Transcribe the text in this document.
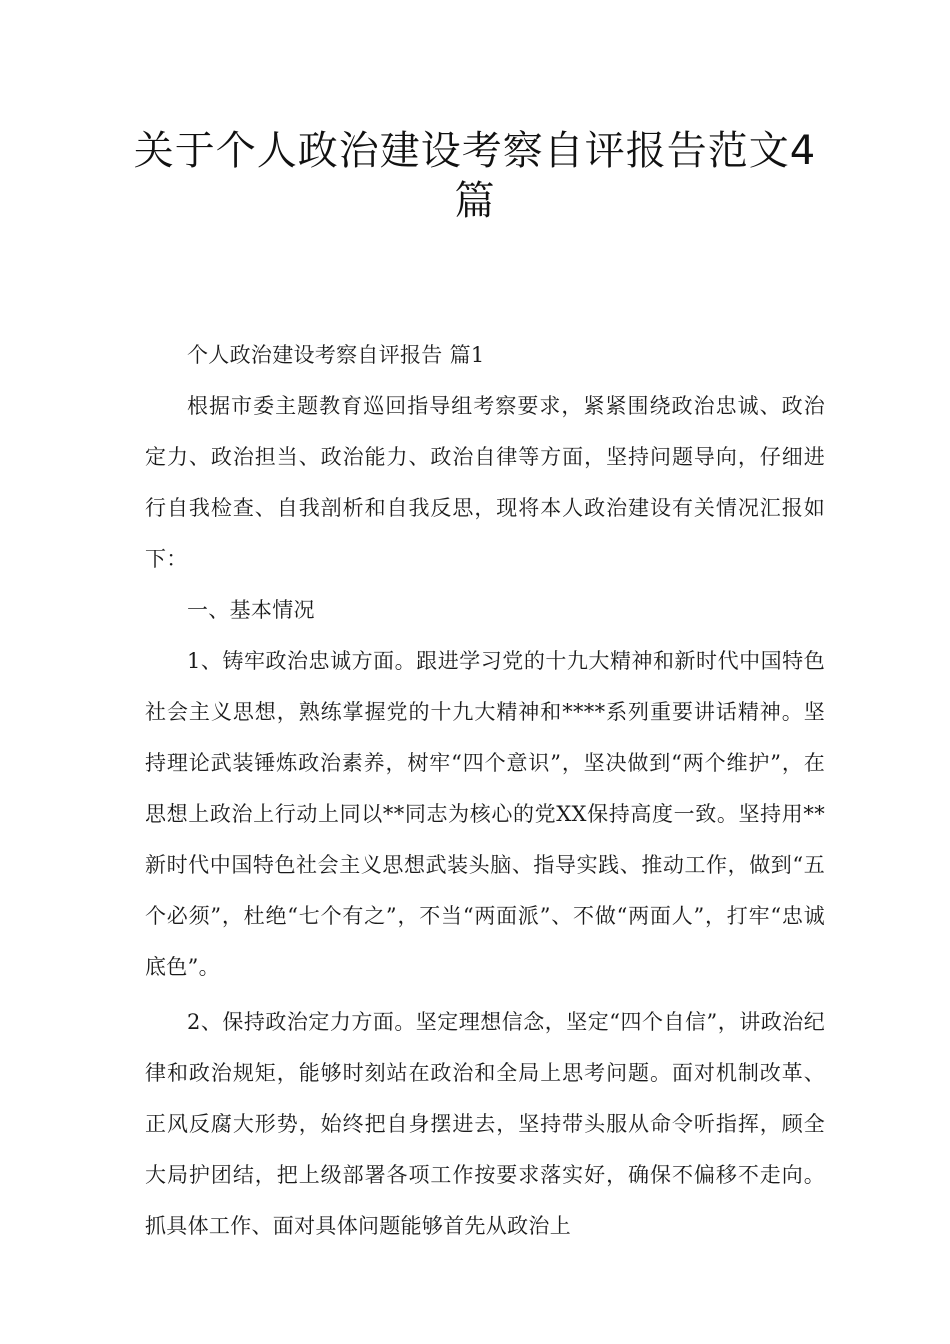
关于个人政治建设考察自评报告范文4篇

个人政治建设考察自评报告 篇1

根据市委主题教育巡回指导组考察要求，紧紧围绕政治忠诚、政治定力、政治担当、政治能力、政治自律等方面，坚持问题导向，仔细进行自我检查、自我剖析和自我反思，现将本人政治建设有关情况汇报如下：

一、基本情况

1、铸牢政治忠诚方面。跟进学习党的十九大精神和新时代中国特色社会主义思想，熟练掌握党的十九大精神和****系列重要讲话精神。坚持理论武装锤炼政治素养，树牢“四个意识”，坚决做到“两个维护”，在思想上政治上行动上同以**同志为核心的党XX保持高度一致。坚持用**新时代中国特色社会主义思想武装头脑、指导实践、推动工作，做到“五个必须”，杜绝“七个有之”，不当“两面派”、不做“两面人”，打牢“忠诚底色”。

2、保持政治定力方面。坚定理想信念，坚定“四个自信”，讲政治纪律和政治规矩，能够时刻站在政治和全局上思考问题。面对机制改革、正风反腐大形势，始终把自身摆进去，坚持带头服从命令听指挥，顾全大局护团结，把上级部署各项工作按要求落实好，确保不偏移不走向。抓具体工作、面对具体问题能够首先从政治上
